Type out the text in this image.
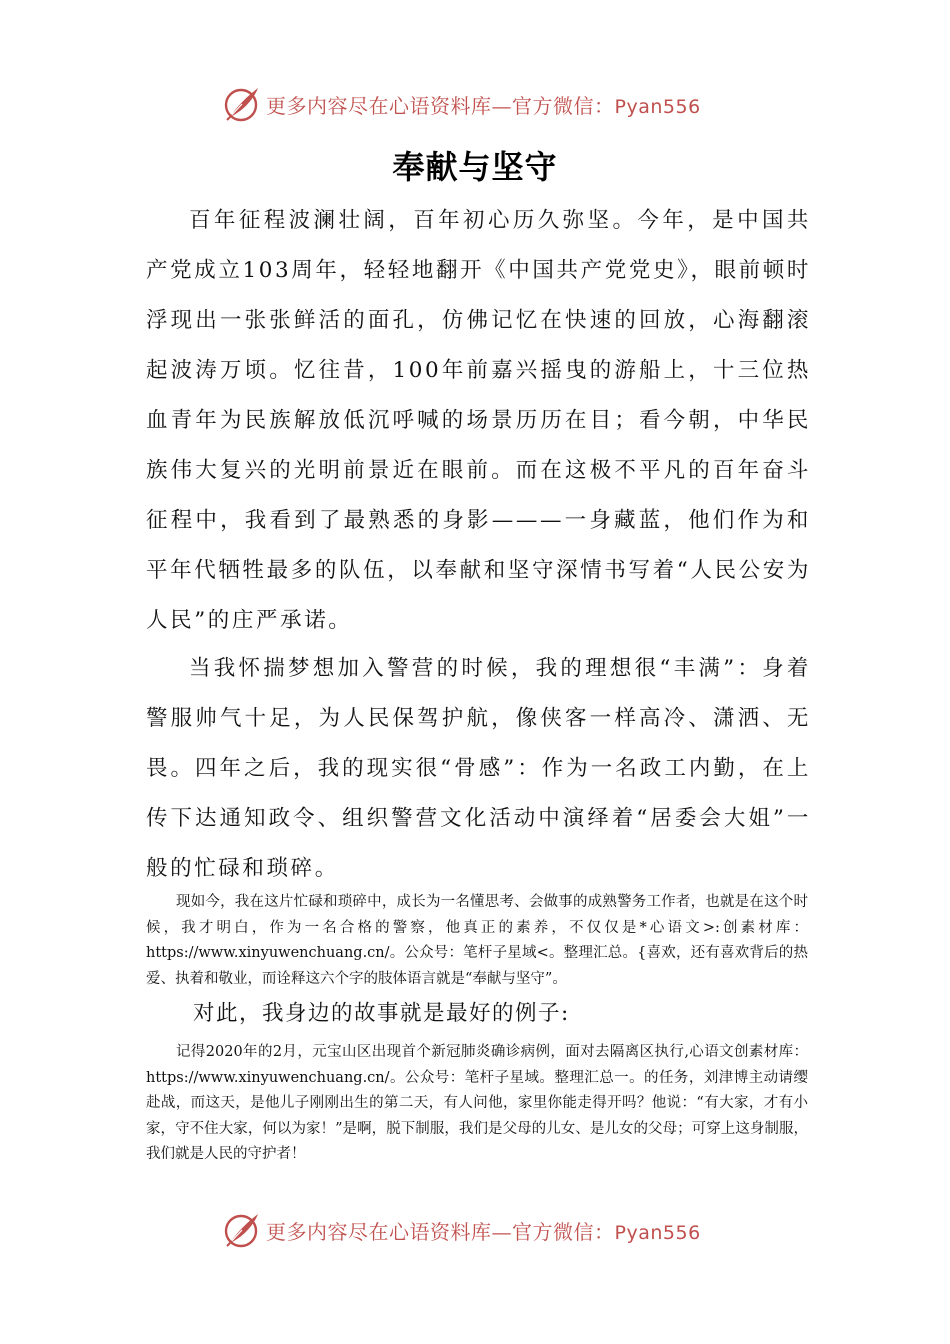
更多内容尽在心语资料库—官方微信：Pyan556
奉献与坚守

百年征程波澜壮阔，百年初心历久弥坚。今年，是中国共产党成立103周年，轻轻地翻开《中国共产党党史》，眼前顿时浮现出一张张鲜活的面孔，仿佛记忆在快速的回放，心海翻滚起波涛万顷。忆往昔，100年前嘉兴摇曳的游船上，十三位热血青年为民族解放低沉呼喊的场景历历在目；看今朝，中华民族伟大复兴的光明前景近在眼前。而在这极不平凡的百年奋斗征程中，我看到了最熟悉的身影———一身藏蓝，他们作为和平年代牺牲最多的队伍，以奉献和坚守深情书写着“人民公安为人民”的庄严承诺。

当我怀揣梦想加入警营的时候，我的理想很“丰满”：身着警服帅气十足，为人民保驾护航，像侠客一样高冷、潇洒、无畏。四年之后，我的现实很“骨感”：作为一名政工内勤，在上传下达通知政令、组织警营文化活动中演绎着“居委会大姐”一般的忙碌和琐碎。

现如今，我在这片忙碌和琐碎中，成长为一名懂思考、会做事的成熟警务工作者，也就是在这个时候，我才明白，作为一名合格的警察，他真正的素养，不仅仅是*心语文>:创素材库：https://www.xinyuwenchuang.cn/。公众号：笔杆子星域<。整理汇总。{喜欢，还有喜欢背后的热爱、执着和敬业，而诠释这六个字的肢体语言就是“奉献与坚守”。

对此，我身边的故事就是最好的例子:

记得2020年的2月，元宝山区出现首个新冠肺炎确诊病例，面对去隔离区执行,心语文创素材库：https://www.xinyuwenchuang.cn/。公众号：笔杆子星域。整理汇总一。的任务，刘津博主动请缨赴战，而这天，是他儿子刚刚出生的第二天，有人问他，家里你能走得开吗？他说：“有大家，才有小家，守不住大家，何以为家！”是啊，脱下制服，我们是父母的儿女、是儿女的父母；可穿上这身制服，我们就是人民的守护者！

更多内容尽在心语资料库—官方微信：Pyan556
